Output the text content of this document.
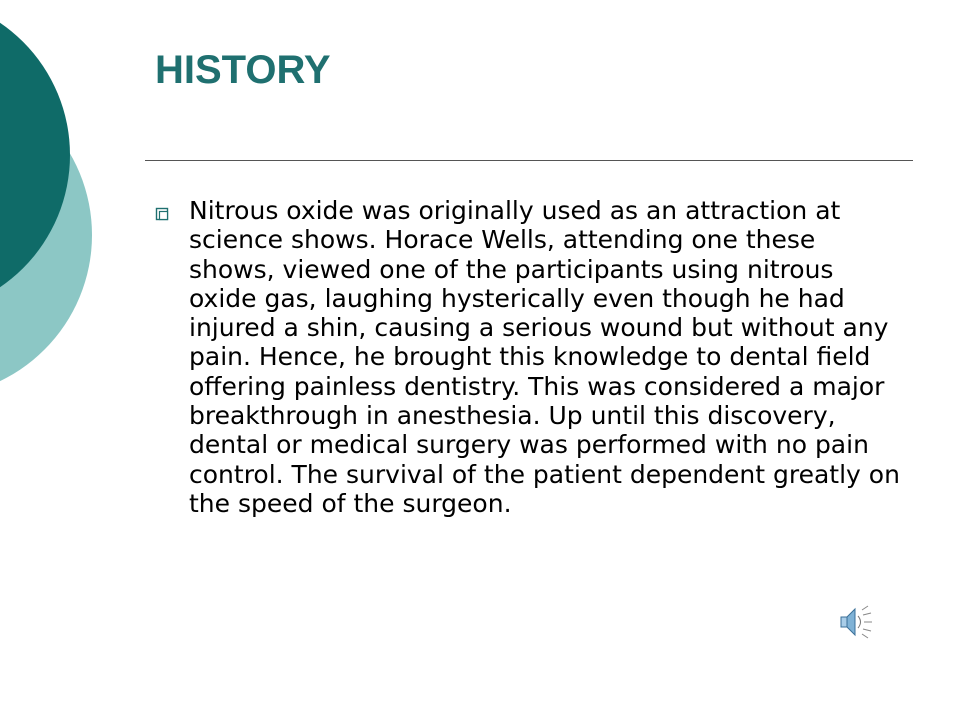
HISTORY

Nitrous oxide was originally used as an attraction at science shows. Horace Wells, attending one these shows, viewed one of the participants using nitrous oxide gas, laughing hysterically even though he had injured a shin, causing a serious wound but without any pain. Hence, he brought this knowledge to dental field offering painless dentistry. This was considered a major breakthrough in anesthesia. Up until this discovery, dental or medical surgery was performed with no pain control. The survival of the patient dependent greatly on the speed of the surgeon.
